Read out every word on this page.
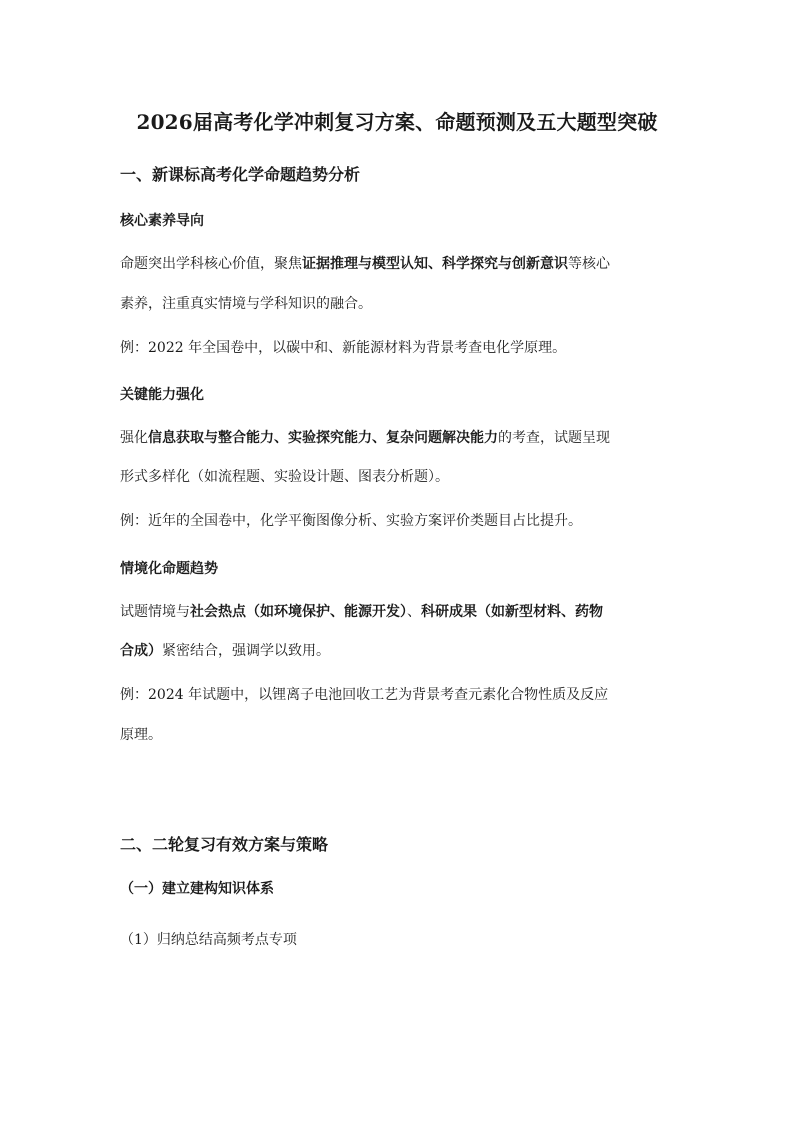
2026届高考化学冲刺复习方案、命题预测及五大题型突破
一、新课标高考化学命题趋势分析
核心素养导向
命题突出学科核心价值，聚焦证据推理与模型认知、科学探究与创新意识等核心
素养，注重真实情境与学科知识的融合。
例：2022 年全国卷中，以碳中和、新能源材料为背景考查电化学原理。
关键能力强化
强化信息获取与整合能力、实验探究能力、复杂问题解决能力的考查，试题呈现
形式多样化（如流程题、实验设计题、图表分析题）。
例：近年的全国卷中，化学平衡图像分析、实验方案评价类题目占比提升。
情境化命题趋势
试题情境与社会热点（如环境保护、能源开发）、科研成果（如新型材料、药物
合成）紧密结合，强调学以致用。
例：2024 年试题中，以锂离子电池回收工艺为背景考查元素化合物性质及反应
原理。
二、二轮复习有效方案与策略
（一）建立建构知识体系
（1）归纳总结高频考点专项
